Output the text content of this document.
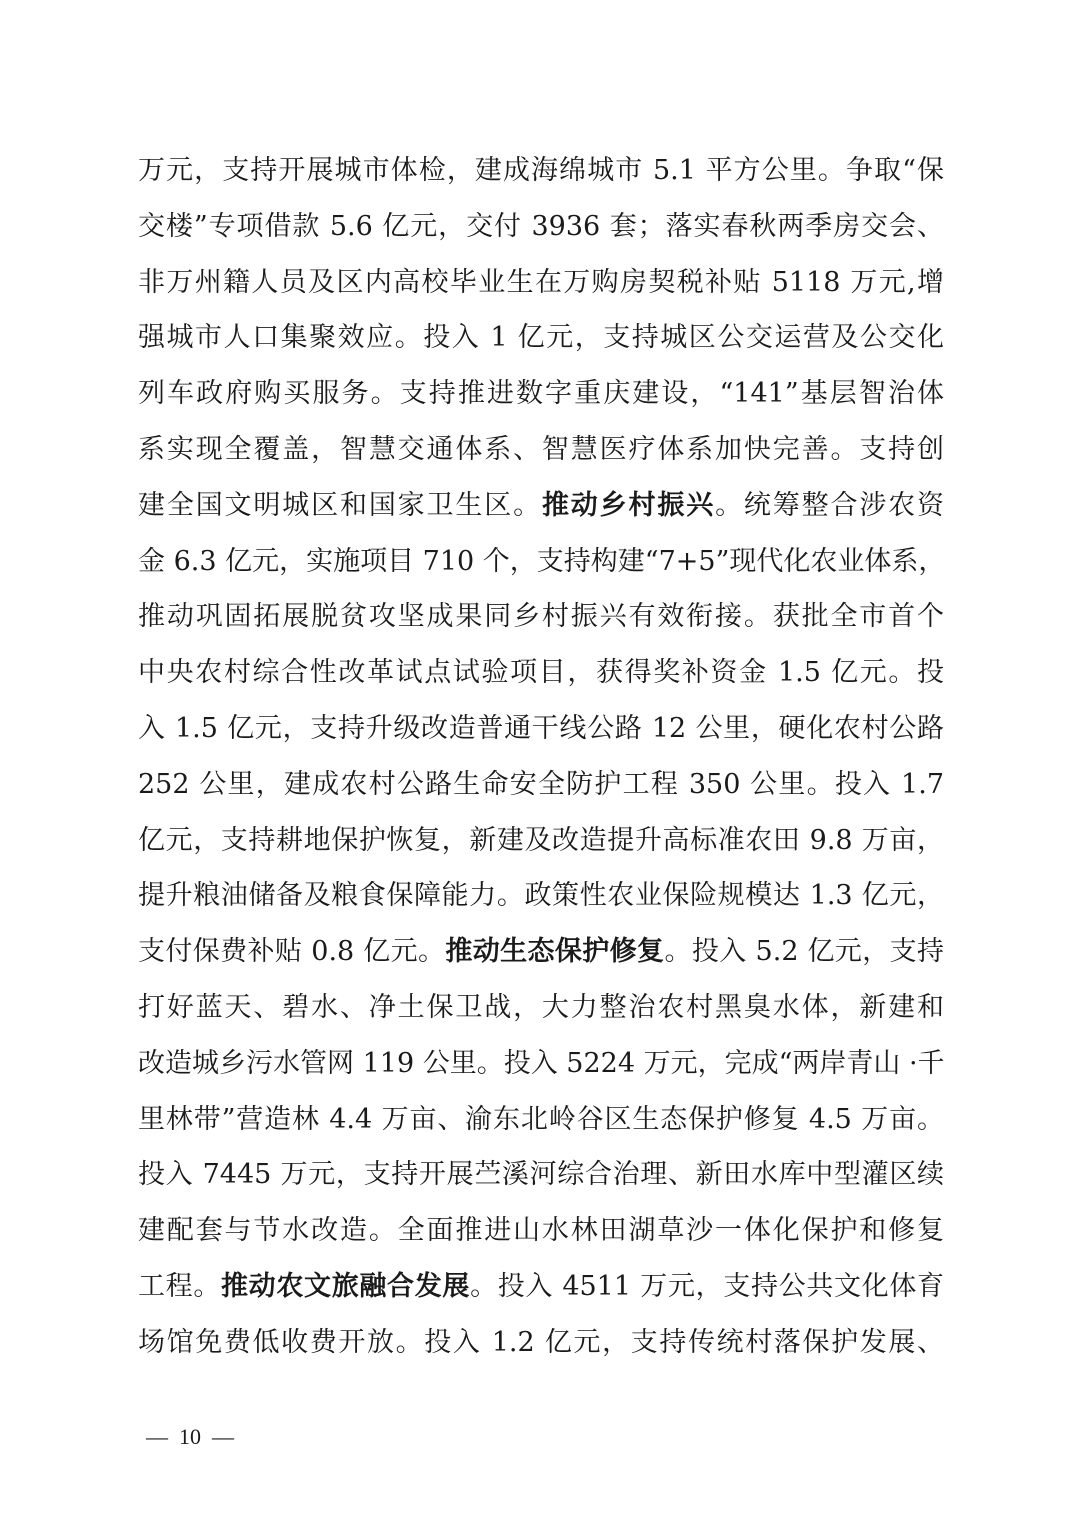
万元，支持开展城市体检，建成海绵城市 5.1 平方公里。争取“保
交楼”专项借款 5.6 亿元，交付 3936 套；落实春秋两季房交会、
非万州籍人员及区内高校毕业生在万购房契税补贴 5118 万元,增
强城市人口集聚效应。投入 1 亿元，支持城区公交运营及公交化
列车政府购买服务。支持推进数字重庆建设，“141”基层智治体
系实现全覆盖，智慧交通体系、智慧医疗体系加快完善。支持创
建全国文明城区和国家卫生区。推动乡村振兴。统筹整合涉农资
金 6.3 亿元，实施项目 710 个，支持构建“7+5”现代化农业体系，
推动巩固拓展脱贫攻坚成果同乡村振兴有效衔接。获批全市首个
中央农村综合性改革试点试验项目，获得奖补资金 1.5 亿元。投
入 1.5 亿元，支持升级改造普通干线公路 12 公里，硬化农村公路
252 公里，建成农村公路生命安全防护工程 350 公里。投入 1.7
亿元，支持耕地保护恢复，新建及改造提升高标准农田 9.8 万亩，
提升粮油储备及粮食保障能力。政策性农业保险规模达 1.3 亿元，
支付保费补贴 0.8 亿元。推动生态保护修复。投入 5.2 亿元，支持
打好蓝天、碧水、净土保卫战，大力整治农村黑臭水体，新建和
改造城乡污水管网 119 公里。投入 5224 万元，完成“两岸青山 ·千
里林带”营造林 4.4 万亩、渝东北岭谷区生态保护修复 4.5 万亩。
投入 7445 万元，支持开展苎溪河综合治理、新田水库中型灌区续
建配套与节水改造。全面推进山水林田湖草沙一体化保护和修复
工程。推动农文旅融合发展。投入 4511 万元，支持公共文化体育
场馆免费低收费开放。投入 1.2 亿元，支持传统村落保护发展、
—  10  —
